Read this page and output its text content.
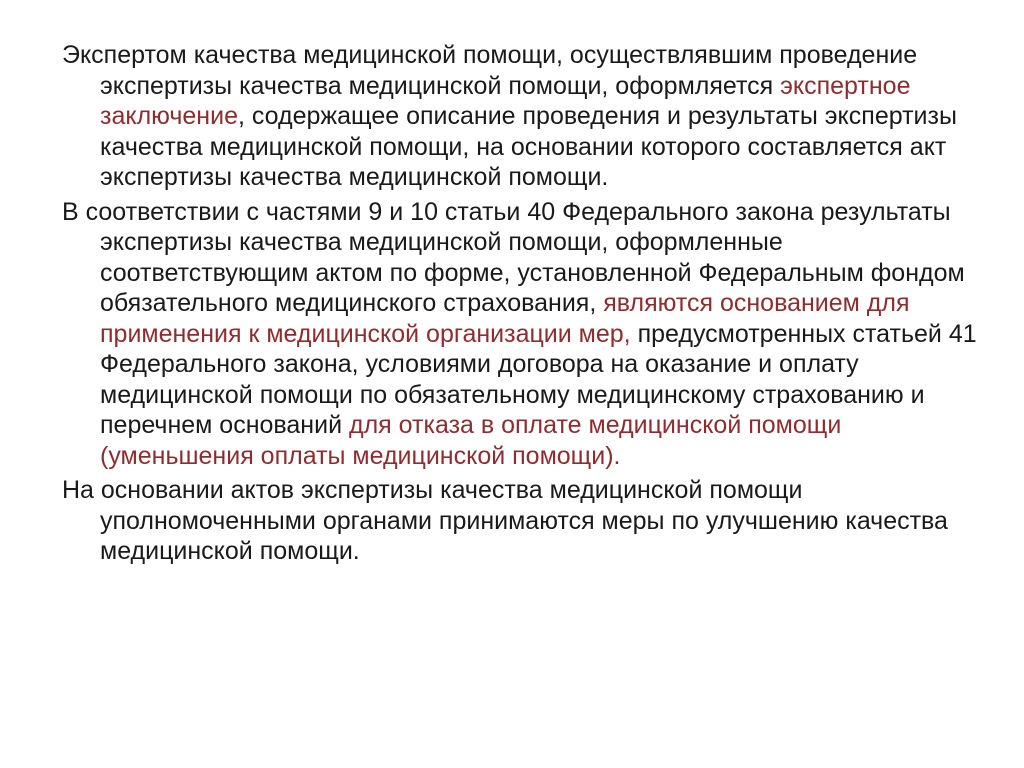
Экспертом качества медицинской помощи, осуществлявшим проведение экспертизы качества медицинской помощи, оформляется экспертное заключение, содержащее описание проведения и результаты экспертизы качества медицинской помощи, на основании которого составляется акт экспертизы качества медицинской помощи.

В соответствии с частями 9 и 10 статьи 40 Федерального закона результаты экспертизы качества медицинской помощи, оформленные соответствующим актом по форме, установленной Федеральным фондом обязательного медицинского страхования, являются основанием для применения к медицинской организации мер, предусмотренных статьей 41 Федерального закона, условиями договора на оказание и оплату медицинской помощи по обязательному медицинскому страхованию и перечнем оснований для отказа в оплате медицинской помощи (уменьшения оплаты медицинской помощи).

На основании актов экспертизы качества медицинской помощи уполномоченными органами принимаются меры по улучшению качества медицинской помощи.
